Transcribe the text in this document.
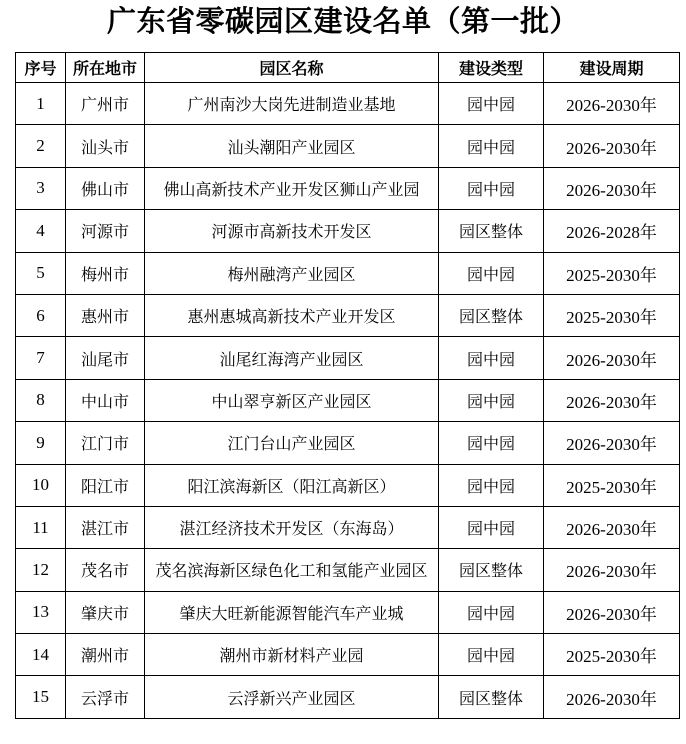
广东省零碳园区建设名单（第一批）
序号	所在地市	园区名称	建设类型	建设周期
1	广州市	广州南沙大岗先进制造业基地	园中园	2026-2030年
2	汕头市	汕头潮阳产业园区	园中园	2026-2030年
3	佛山市	佛山高新技术产业开发区狮山产业园	园中园	2026-2030年
4	河源市	河源市高新技术开发区	园区整体	2026-2028年
5	梅州市	梅州融湾产业园区	园中园	2025-2030年
6	惠州市	惠州惠城高新技术产业开发区	园区整体	2025-2030年
7	汕尾市	汕尾红海湾产业园区	园中园	2026-2030年
8	中山市	中山翠亨新区产业园区	园中园	2026-2030年
9	江门市	江门台山产业园区	园中园	2026-2030年
10	阳江市	阳江滨海新区（阳江高新区）	园中园	2025-2030年
11	湛江市	湛江经济技术开发区（东海岛）	园中园	2026-2030年
12	茂名市	茂名滨海新区绿色化工和氢能产业园区	园区整体	2026-2030年
13	肇庆市	肇庆大旺新能源智能汽车产业城	园中园	2026-2030年
14	潮州市	潮州市新材料产业园	园中园	2025-2030年
15	云浮市	云浮新兴产业园区	园区整体	2026-2030年
